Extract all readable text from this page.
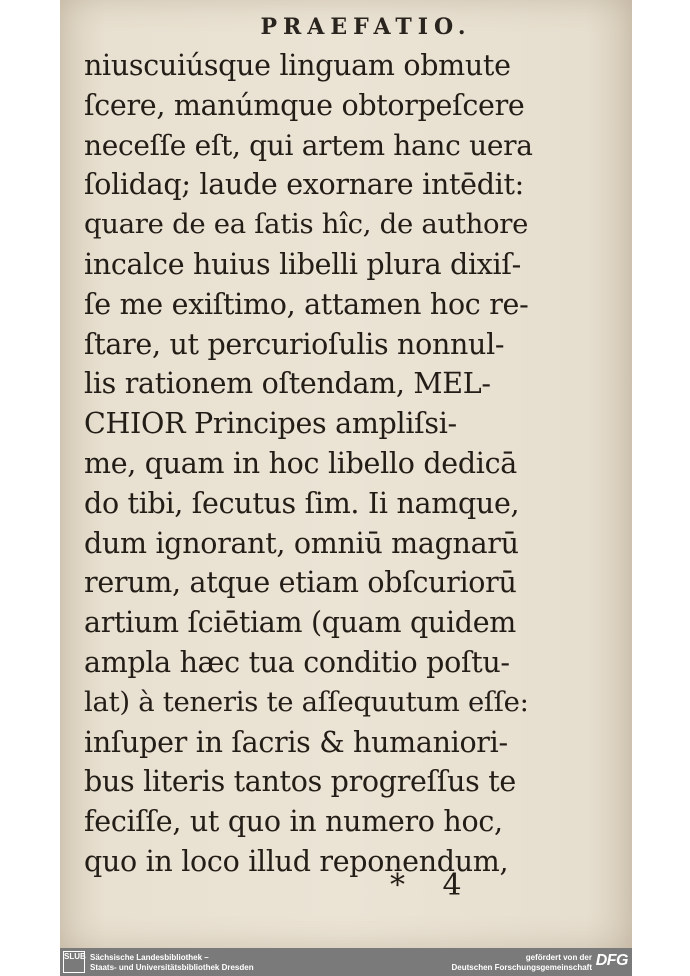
PRAEFATIO.
niuscuiúsque linguam obmute
ſcere, manúmque obtorpeſcere
neceſſe eſt, qui artem hanc uera
ſolidaq; laude exornare intēdit:
quare de ea ſatis hîc, de authore
incalce huius libelli plura dixiſ-
ſe me exiſtimo, attamen hoc re-
ſtare, ut percurioſulis nonnul-
lis rationem oſtendam, MEL-
CHIOR Principes ampliſsi-
me, quam in hoc libello dedicā
do tibi, ſecutus ſim. Ii namque,
dum ignorant, omniū magnarū
rerum, atque etiam obſcuriorū
artium ſciētiam (quam quidem
ampla hæc tua conditio poſtu-
lat) à teneris te aſſequutum eſſe:
inſuper in ſacris & humaniori-
bus literis tantos progreſſus te
feciſſe, ut quo in numero hoc,
quo in loco illud reponendum,
* 4
SLUB Sächsische Landesbibliothek –
Staats- und Universitätsbibliothek Dresden
gefördert von der
Deutschen Forschungsgemeinschaft DFG
